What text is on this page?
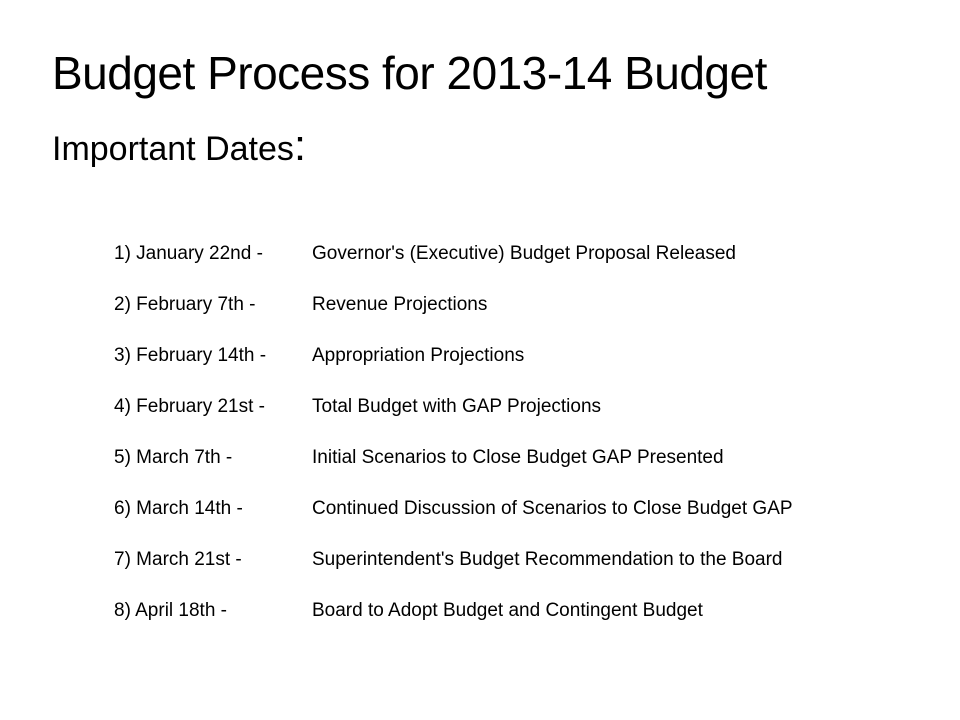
Budget Process for 2013-14 Budget
Important Dates:
1) January 22nd -	Governor's (Executive) Budget Proposal Released
2) February 7th -	Revenue Projections
3) February 14th -	Appropriation Projections
4) February 21st -	Total Budget with GAP Projections
5) March 7th -	Initial Scenarios to Close Budget GAP Presented
6) March 14th -	Continued Discussion of Scenarios to Close Budget GAP
7) March 21st -	Superintendent's Budget Recommendation to the Board
8) April 18th -	Board to Adopt Budget and Contingent Budget
